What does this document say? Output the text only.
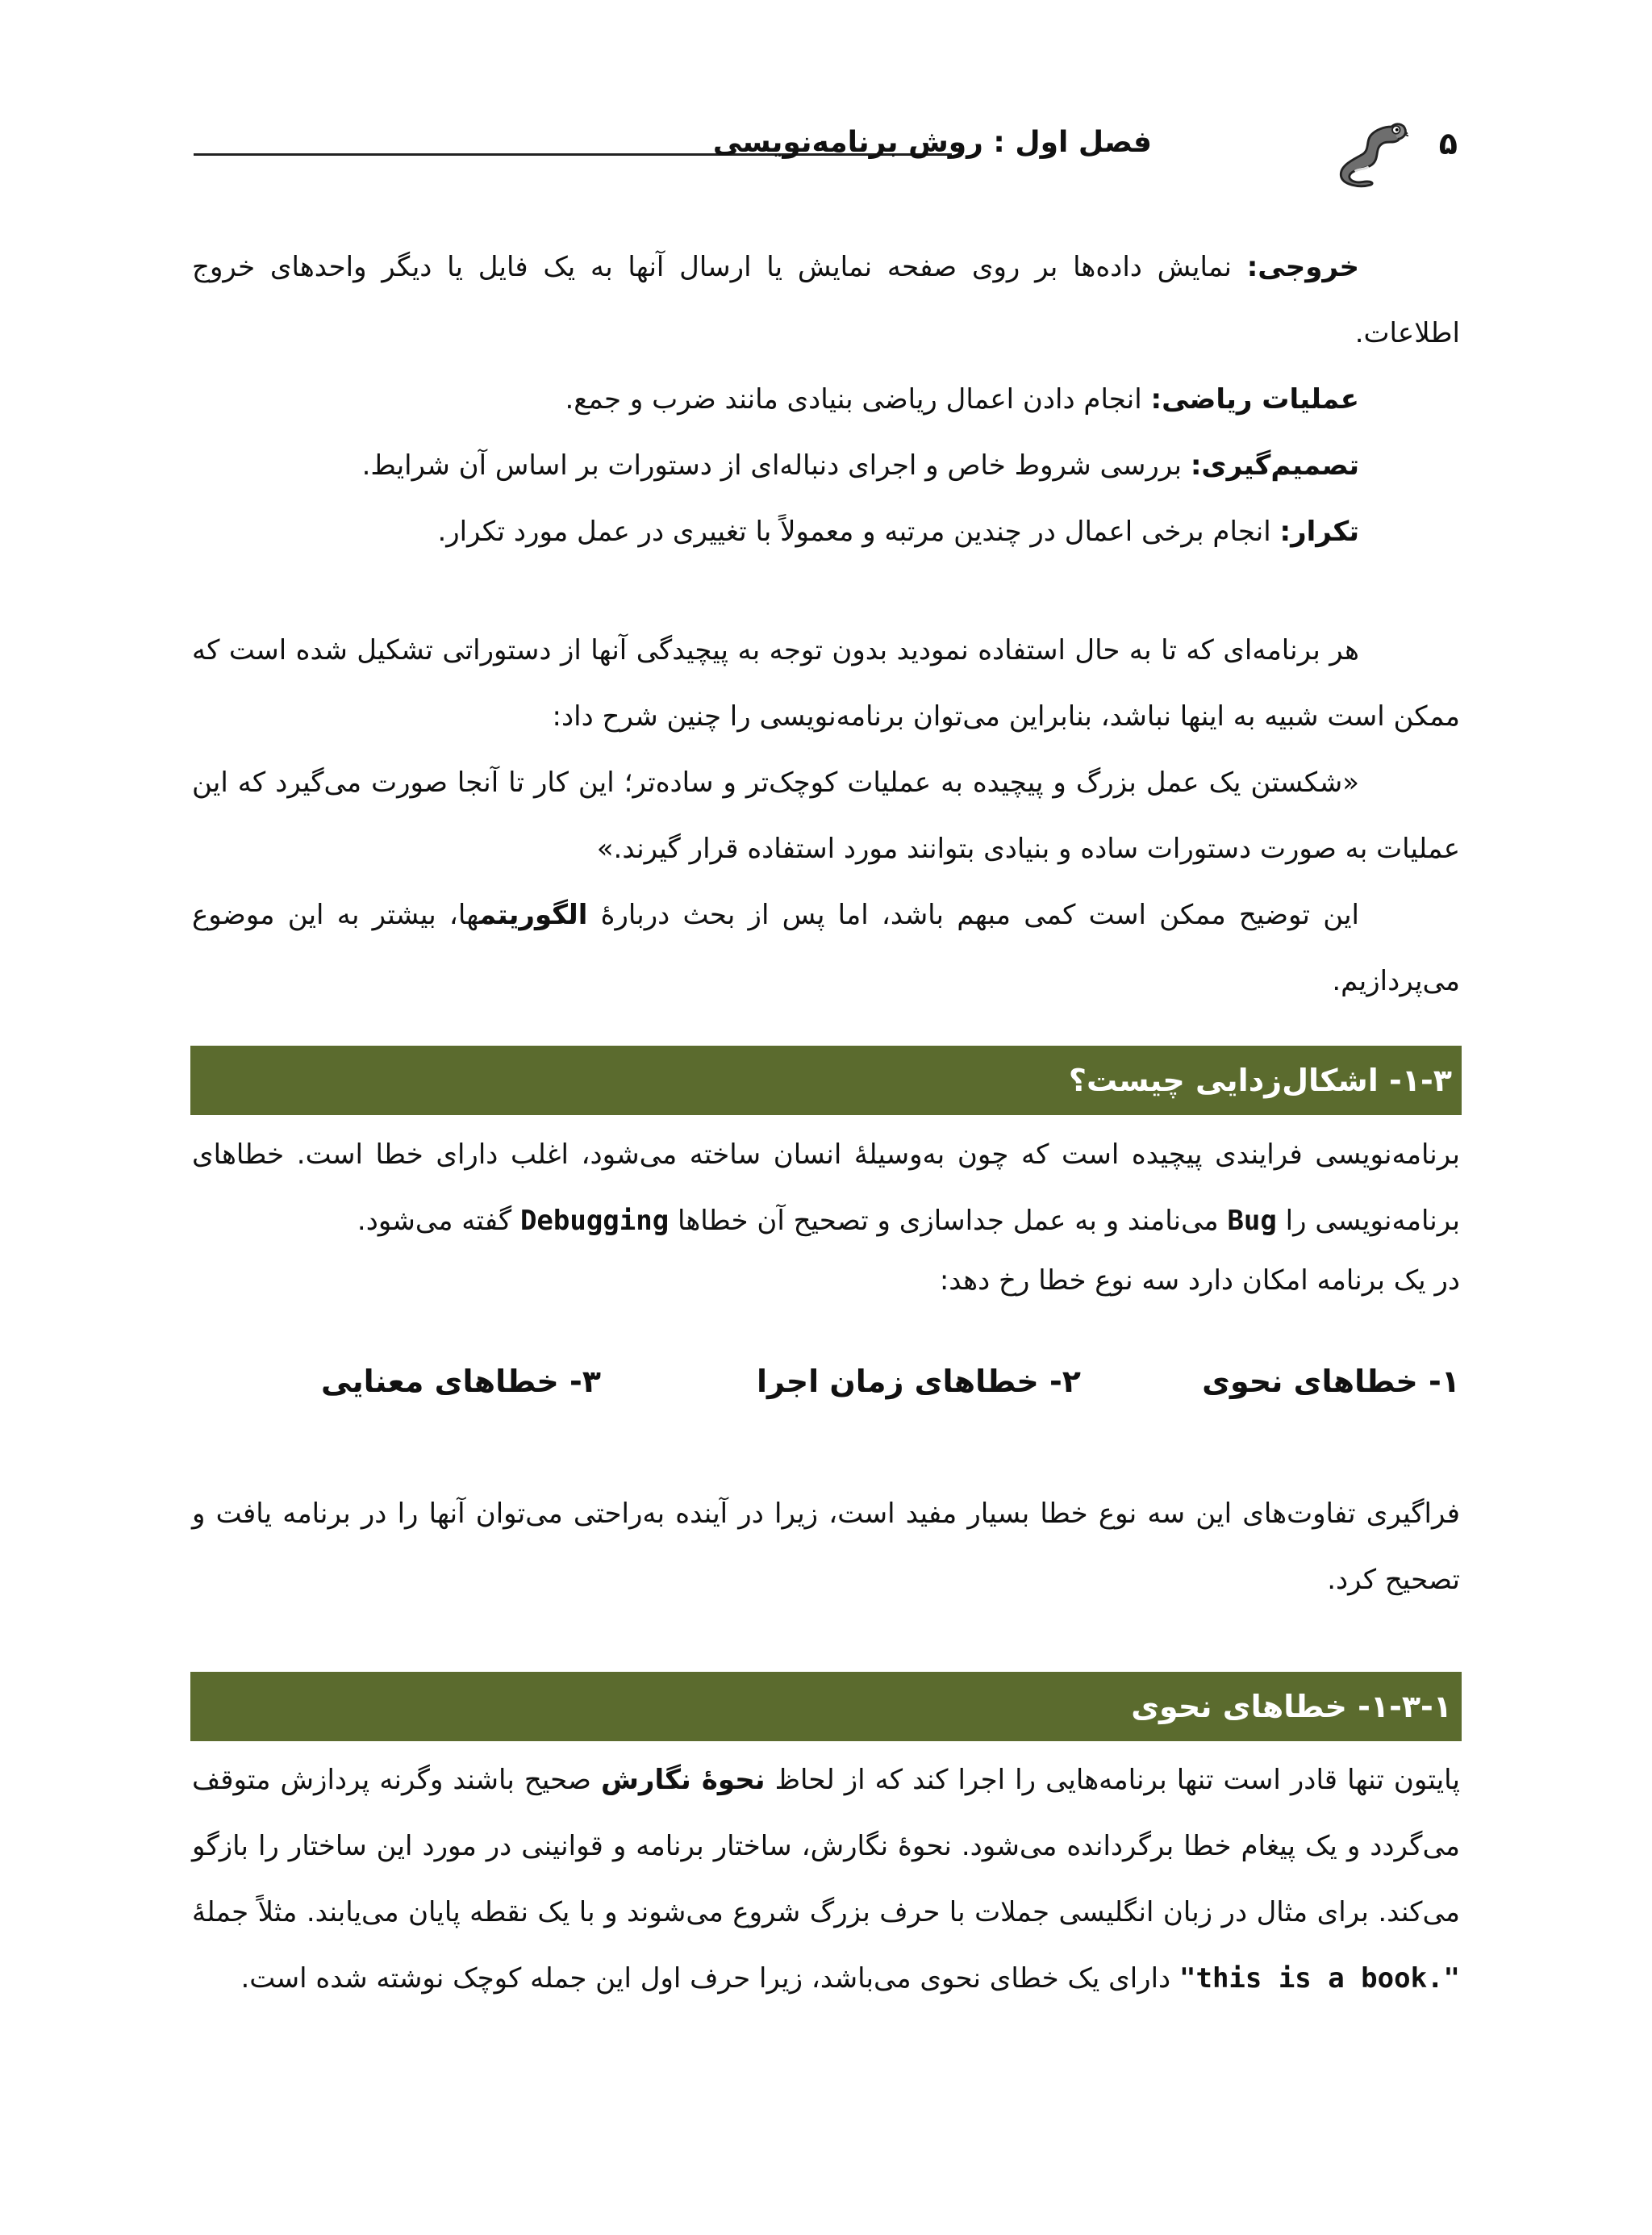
فصل اول : روش برنامه‌نویسی	۵

خروجی: نمایش داده‌ها بر روی صفحه نمایش یا ارسال آنها به یک فایل یا دیگر واحدهای خروج اطلاعات.

عملیات ریاضی: انجام دادن اعمال ریاضی بنیادی مانند ضرب و جمع.

تصمیم‌گیری: بررسی شروط خاص و اجرای دنباله‌ای از دستورات بر اساس آن شرایط.

تکرار: انجام برخی اعمال در چندین مرتبه و معمولاً با تغییری در عمل مورد تکرار.

هر برنامه‌ای که تا به حال استفاده نمودید بدون توجه به پیچیدگی آنها از دستوراتی تشکیل شده است که ممکن است شبیه به اینها نباشد، بنابراین می‌توان برنامه‌نویسی را چنین شرح داد:

«شکستن یک عمل بزرگ و پیچیده به عملیات کوچک‌تر و ساده‌تر؛ این کار تا آنجا صورت می‌گیرد که این عملیات به صورت دستورات ساده و بنیادی بتوانند مورد استفاده قرار گیرند.»

این توضیح ممکن است کمی مبهم باشد، اما پس از بحث دربارهٔ الگوریتمها، بیشتر به این موضوع می‌پردازیم.

۱-۳- اشکال‌زدایی چیست؟

برنامه‌نویسی فرایندی پیچیده است که چون به‌وسیلهٔ انسان ساخته می‌شود، اغلب دارای خطا است. خطاهای برنامه‌نویسی را Bug می‌نامند و به عمل جداسازی و تصحیح آن خطاها Debugging گفته می‌شود.

در یک برنامه امکان دارد سه نوع خطا رخ دهد:

۱- خطاهای نحوی
۲- خطاهای زمان اجرا
۳- خطاهای معنایی

فراگیری تفاوت‌های این سه نوع خطا بسیار مفید است، زیرا در آینده به‌راحتی می‌توان آنها را در برنامه یافت و تصحیح کرد.

۱-۳-۱- خطاهای نحوی

پایتون تنها قادر است تنها برنامه‌هایی را اجرا کند که از لحاظ نحوهٔ نگارش صحیح باشند وگرنه پردازش متوقف می‌گردد و یک پیغام خطا برگردانده می‌شود. نحوهٔ نگارش، ساختار برنامه و قوانینی در مورد این ساختار را بازگو می‌کند. برای مثال در زبان انگلیسی جملات با حرف بزرگ شروع می‌شوند و با یک نقطه پایان می‌یابند. مثلاً جملهٔ "this is a book." دارای یک خطای نحوی می‌باشد، زیرا حرف اول این جمله کوچک نوشته شده است.
